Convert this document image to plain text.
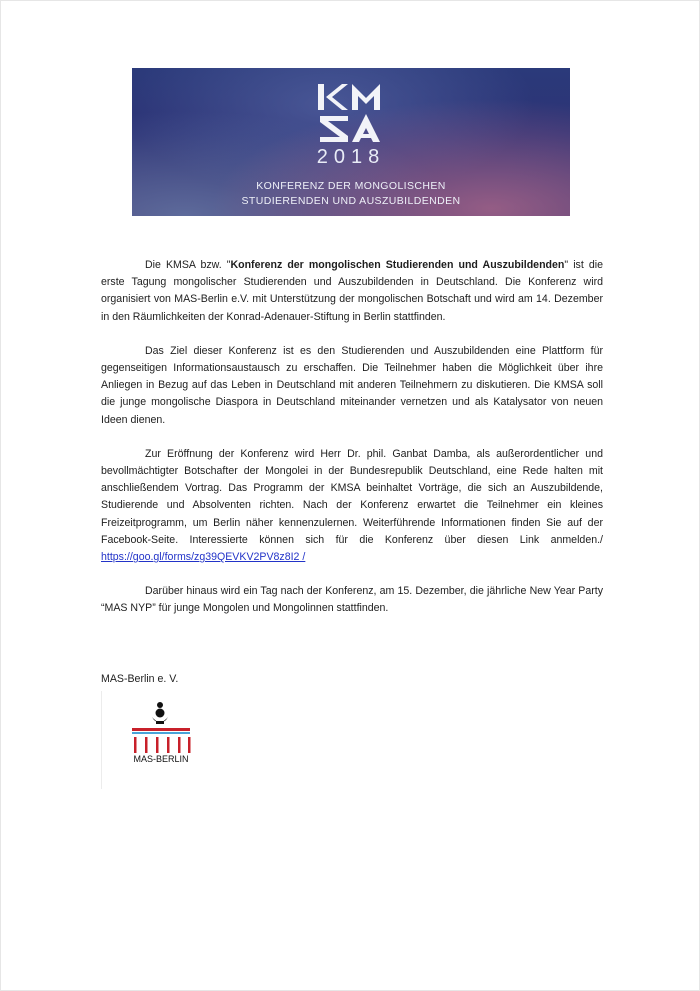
2018
KONFERENZ DER MONGOLISCHEN
STUDIERENDEN UND AUSZUBILDENDEN

Die KMSA bzw. "Konferenz der mongolischen Studierenden und Auszubildenden" ist die erste Tagung mongolischer Studierenden und Auszubildenden in Deutschland. Die Konferenz wird organisiert von MAS-Berlin e.V. mit Unterstützung der mongolischen Botschaft und wird am 14. Dezember in den Räumlichkeiten der Konrad-Adenauer-Stiftung in Berlin stattfinden.

Das Ziel dieser Konferenz ist es den Studierenden und Auszubildenden eine Plattform für gegenseitigen Informationsaustausch zu erschaffen. Die Teilnehmer haben die Möglichkeit über ihre Anliegen in Bezug auf das Leben in Deutschland mit anderen Teilnehmern zu diskutieren. Die KMSA soll die junge mongolische Diaspora in Deutschland miteinander vernetzen und als Katalysator von neuen Ideen dienen.

Zur Eröffnung der Konferenz wird Herr Dr. phil. Ganbat Damba, als außerordentlicher und bevollmächtigter Botschafter der Mongolei in der Bundesrepublik Deutschland, eine Rede halten mit anschließendem Vortrag. Das Programm der KMSA beinhaltet Vorträge, die sich an Auszubildende, Studierende und Absolventen richten. Nach der Konferenz erwartet die Teilnehmer ein kleines Freizeitprogramm, um Berlin näher kennenzulernen. Weiterführende Informationen finden Sie auf der Facebook-Seite. Interessierte können sich für die Konferenz über diesen Link anmelden./ https://goo.gl/forms/zg39QEVKV2PV8z8I2 /

Darüber hinaus wird ein Tag nach der Konferenz, am 15. Dezember, die jährliche New Year Party “MAS NYP” für junge Mongolen und Mongolinnen stattfinden.

MAS-Berlin e. V.
MAS-BERLIN
